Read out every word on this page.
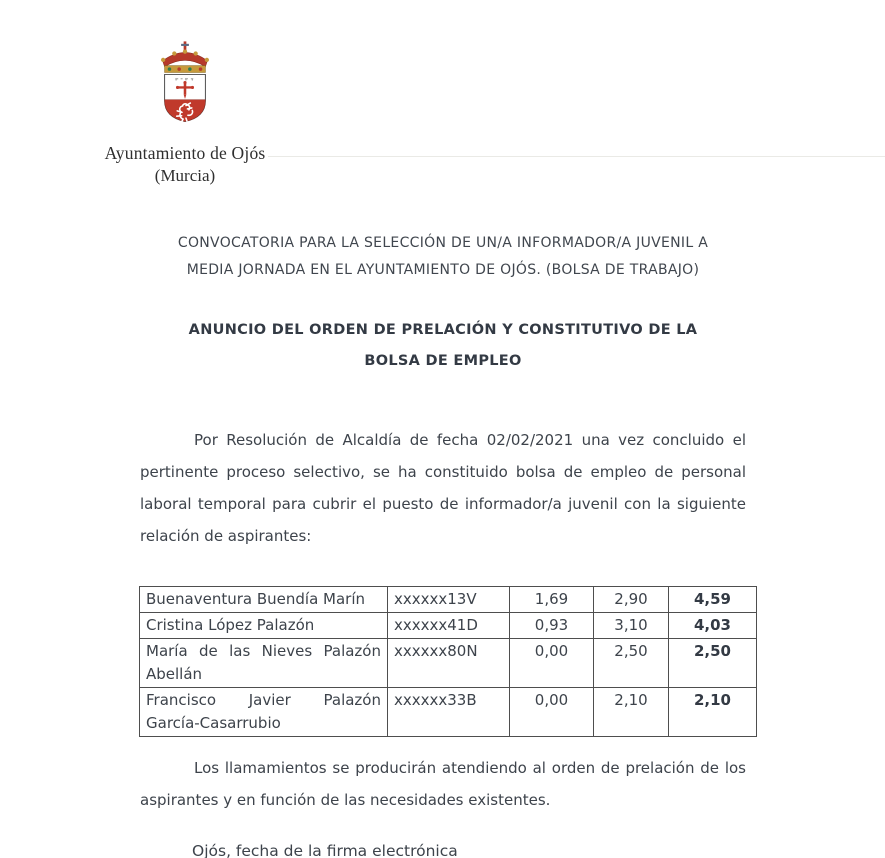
Ayuntamiento de Ojós
(Murcia)
CONVOCATORIA PARA LA SELECCIÓN DE UN/A INFORMADOR/A JUVENIL A
MEDIA JORNADA EN EL AYUNTAMIENTO DE OJÓS. (BOLSA DE TRABAJO)
ANUNCIO DEL ORDEN DE PRELACIÓN Y CONSTITUTIVO DE LA
BOLSA DE EMPLEO

Por Resolución de Alcaldía de fecha 02/02/2021 una vez concluido el pertinente proceso selectivo, se ha constituido bolsa de empleo de personal laboral temporal para cubrir el puesto de informador/a juvenil con la siguiente relación de aspirantes:

Buenaventura Buendía Marín	xxxxxx13V	1,69	2,90	4,59
Cristina López Palazón	xxxxxx41D	0,93	3,10	4,03
María de las Nieves Palazón Abellán	xxxxxx80N	0,00	2,50	2,50
Francisco Javier Palazón García-Casarrubio	xxxxxx33B	0,00	2,10	2,10

Los llamamientos se producirán atendiendo al orden de prelación de los aspirantes y en función de las necesidades existentes.

Ojós, fecha de la firma electrónica
